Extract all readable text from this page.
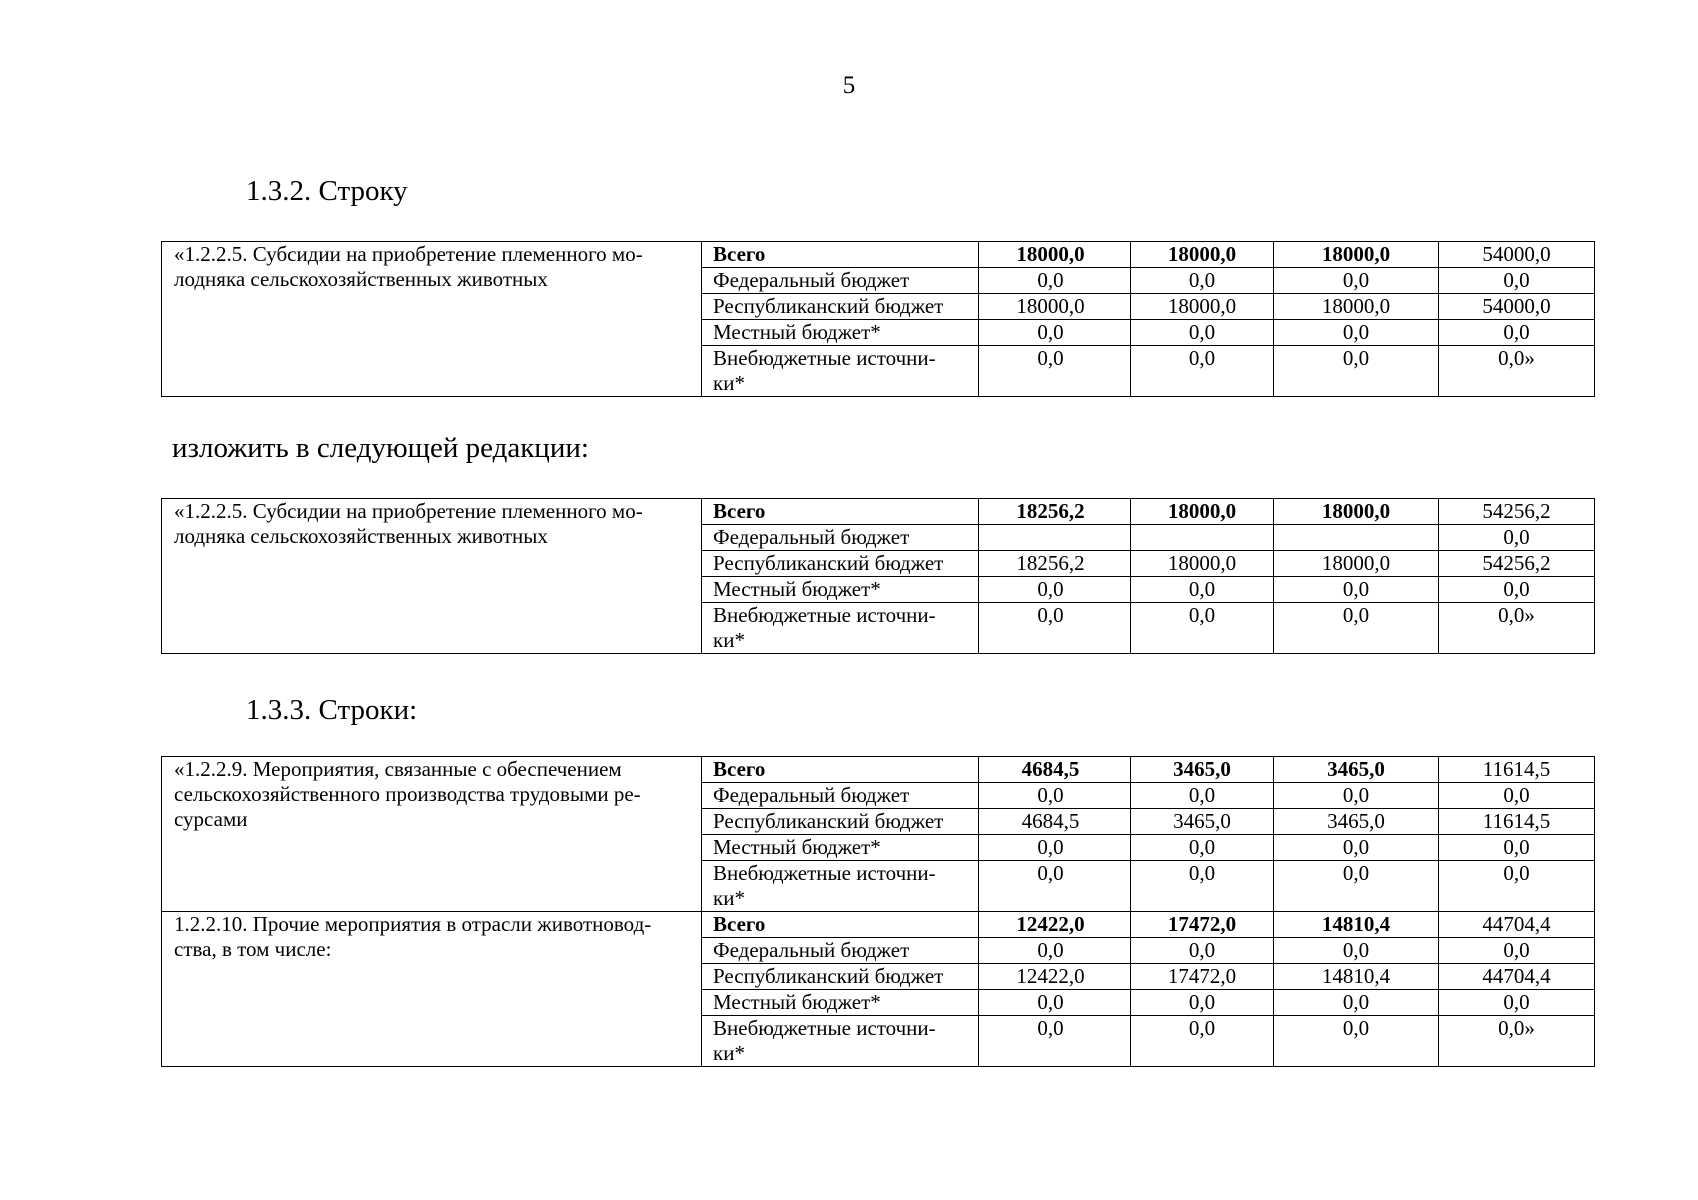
5
1.3.2. Строку
«1.2.2.5. Субсидии на приобретение племенного мо-
лодняка сельскохозяйственных животных	Всего	18000,0	18000,0	18000,0	54000,0
	Федеральный бюджет	0,0	0,0	0,0	0,0
	Республиканский бюджет	18000,0	18000,0	18000,0	54000,0
	Местный бюджет*	0,0	0,0	0,0	0,0
	Внебюджетные источни-
ки*	0,0	0,0	0,0	0,0»
изложить в следующей редакции:
«1.2.2.5. Субсидии на приобретение племенного мо-
лодняка сельскохозяйственных животных	Всего	18256,2	18000,0	18000,0	54256,2
	Федеральный бюджет				0,0
	Республиканский бюджет	18256,2	18000,0	18000,0	54256,2
	Местный бюджет*	0,0	0,0	0,0	0,0
	Внебюджетные источни-
ки*	0,0	0,0	0,0	0,0»
1.3.3. Строки:
«1.2.2.9. Мероприятия, связанные с обеспечением
сельскохозяйственного производства трудовыми ре-
сурсами	Всего	4684,5	3465,0	3465,0	11614,5
	Федеральный бюджет	0,0	0,0	0,0	0,0
	Республиканский бюджет	4684,5	3465,0	3465,0	11614,5
	Местный бюджет*	0,0	0,0	0,0	0,0
	Внебюджетные источни-
ки*	0,0	0,0	0,0	0,0
1.2.2.10. Прочие мероприятия в отрасли животновод-
ства, в том числе:	Всего	12422,0	17472,0	14810,4	44704,4
	Федеральный бюджет	0,0	0,0	0,0	0,0
	Республиканский бюджет	12422,0	17472,0	14810,4	44704,4
	Местный бюджет*	0,0	0,0	0,0	0,0
	Внебюджетные источни-
ки*	0,0	0,0	0,0	0,0»
